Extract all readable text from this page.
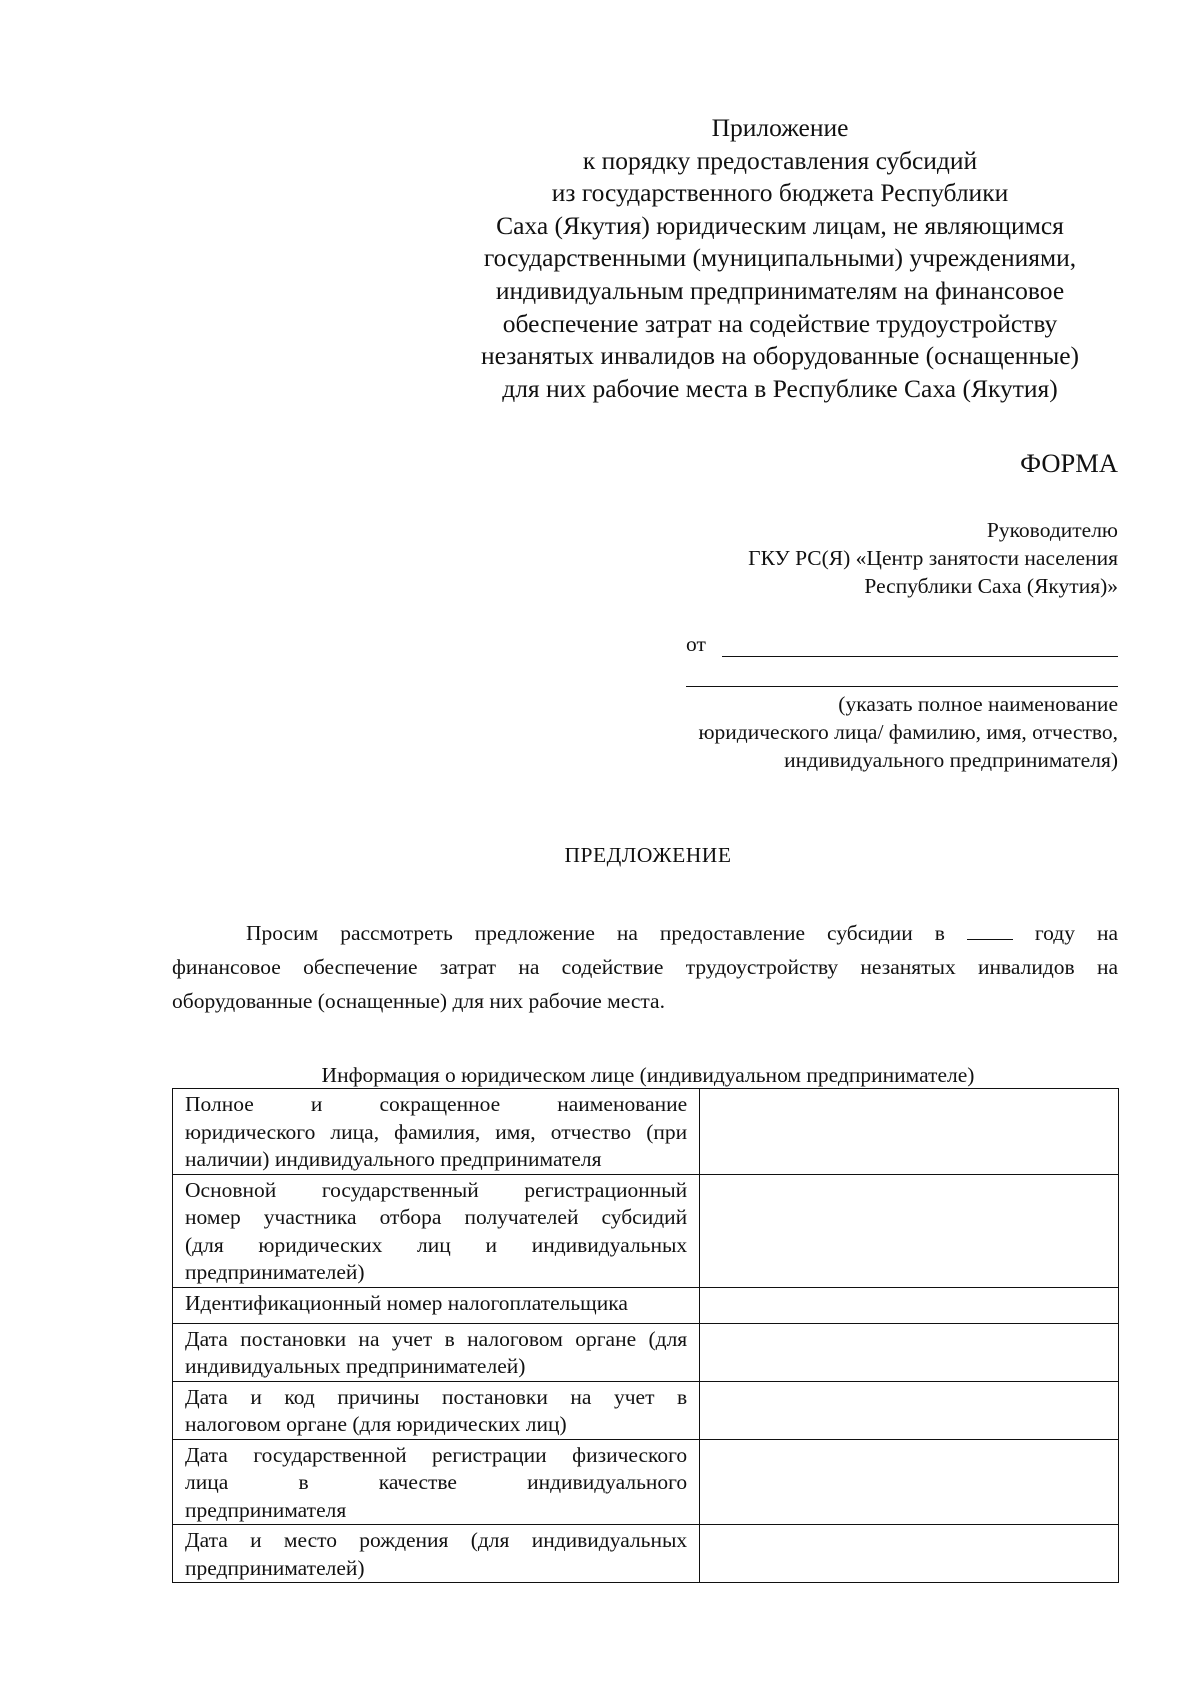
Приложение
к порядку предоставления субсидий
из государственного бюджета Республики
Саха (Якутия) юридическим лицам, не являющимся
государственными (муниципальными) учреждениями,
индивидуальным предпринимателям на финансовое
обеспечение затрат на содействие трудоустройству
незанятых инвалидов на оборудованные (оснащенные)
для них рабочие места в Республике Саха (Якутия)
ФОРМА
Руководителю
ГКУ РС(Я) «Центр занятости населения
Республики Саха (Якутия)»
от
(указать полное наименование
юридического лица/ фамилию, имя, отчество,
индивидуального предпринимателя)
ПРЕДЛОЖЕНИЕ
Просим рассмотреть предложение на предоставление субсидии в	году на
финансовое обеспечение затрат на содействие трудоустройству незанятых инвалидов на
оборудованные (оснащенные) для них рабочие места.
Информация о юридическом лице (индивидуальном предпринимателе)
Полное и сокращенное наименование
юридического лица, фамилия, имя, отчество (при
наличии) индивидуального предпринимателя	

Основной государственный регистрационный
номер участника отбора получателей субсидий
(для юридических лиц и индивидуальных
предпринимателей)	

Идентификационный номер налогоплательщика	

Дата постановки на учет в налоговом органе (для
индивидуальных предпринимателей)	

Дата и код причины постановки на учет в
налоговом органе (для юридических лиц)	

Дата государственной регистрации физического
лица в качестве индивидуального
предпринимателя	

Дата и место рождения (для индивидуальных
предпринимателей)	
